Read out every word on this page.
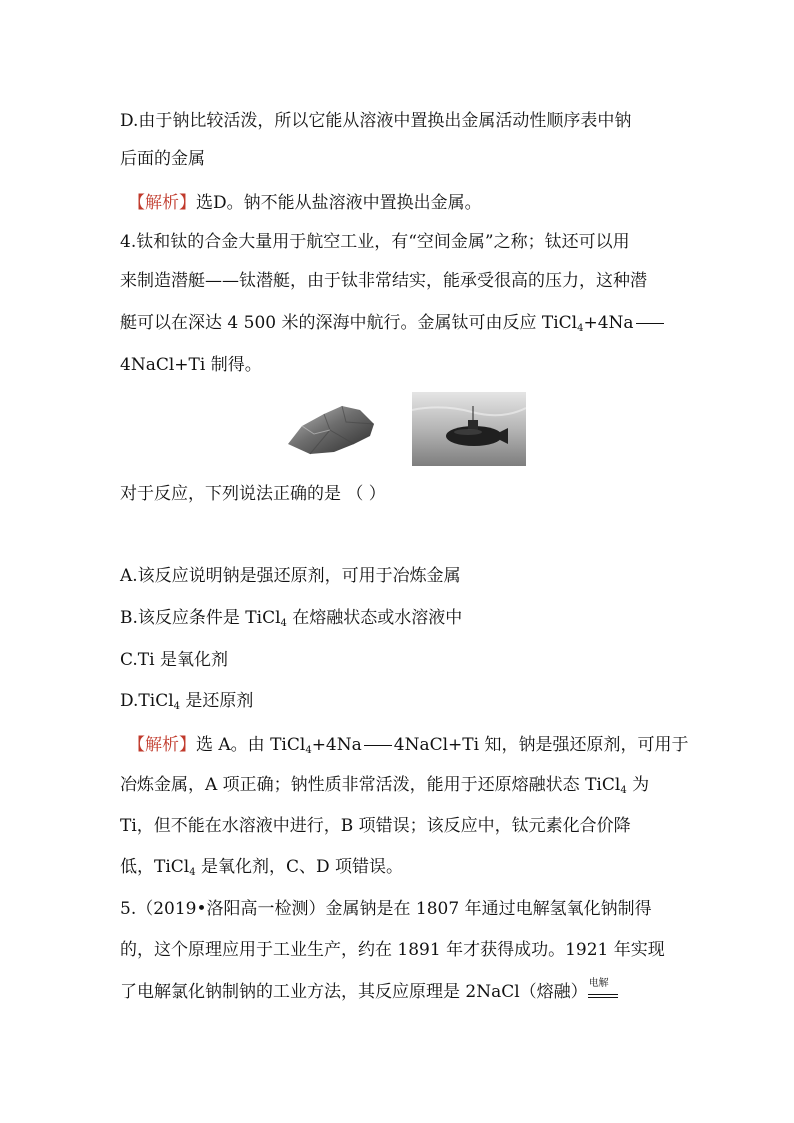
D.由于钠比较活泼，所以它能从溶液中置换出金属活动性顺序表中钠
后面的金属
【解析】选D。钠不能从盐溶液中置换出金属。
4.钛和钛的合金大量用于航空工业，有“空间金属”之称；钛还可以用
来制造潜艇——钛潜艇，由于钛非常结实，能承受很高的压力，这种潜
艇可以在深达 4 500 米的深海中航行。金属钛可由反应 TiCl$_4$+4Na
4NaCl+Ti 制得。
对于反应，下列说法正确的是 （ ）
A.该反应说明钠是强还原剂，可用于冶炼金属
B.该反应条件是 TiCl$_4$ 在熔融状态或水溶液中
C.Ti 是氧化剂
D.TiCl$_4$ 是还原剂
【解析】选 A。由 TiCl$_4$+4Na 4NaCl+Ti 知，钠是强还原剂，可用于
冶炼金属，A 项正确；钠性质非常活泼，能用于还原熔融状态 TiCl$_4$ 为
Ti，但不能在水溶液中进行，B 项错误；该反应中，钛元素化合价降
低，TiCl$_4$ 是氧化剂，C、D 项错误。
5.（2019•洛阳高一检测）金属钠是在 1807 年通过电解氢氧化钠制得
的，这个原理应用于工业生产，约在 1891 年才获得成功。1921 年实现
了电解氯化钠制钠的工业方法，其反应原理是 2NaCl（熔融） 电解
